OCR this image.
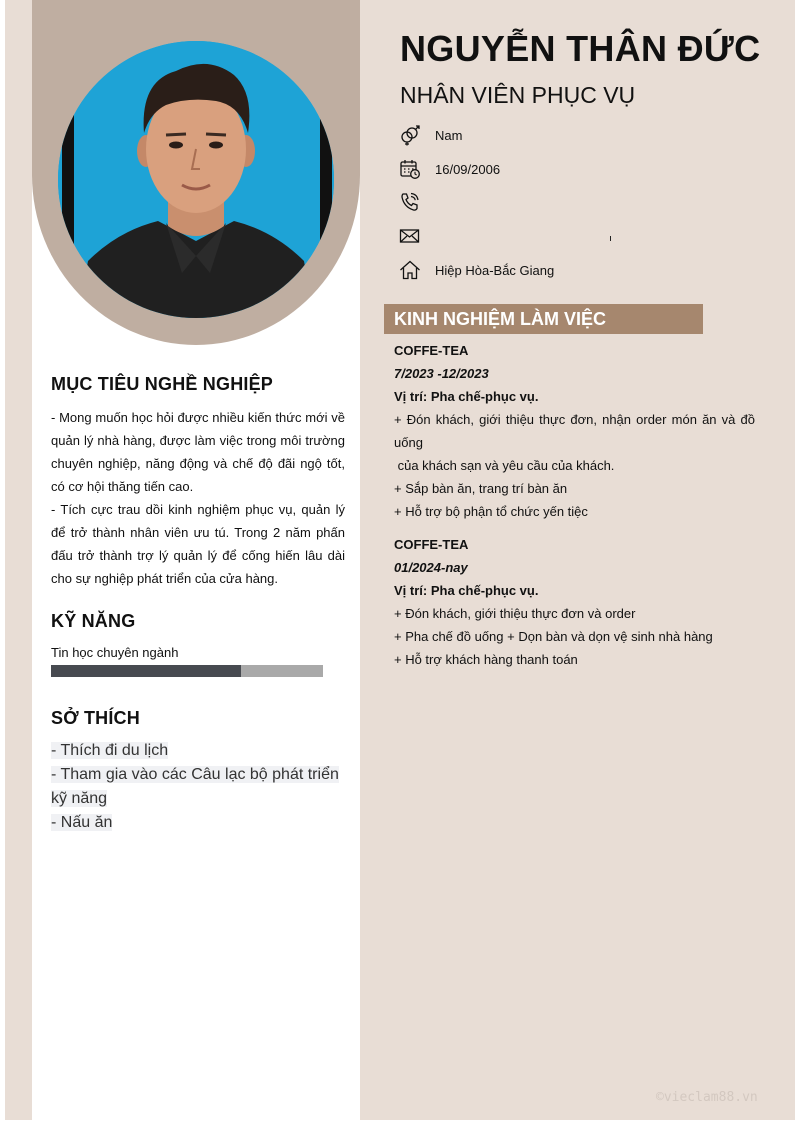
MỤC TIÊU NGHỀ NGHIỆP

- Mong muốn học hỏi được nhiều kiến thức mới về quản lý nhà hàng, được làm việc trong môi trường chuyên nghiệp, năng động và chế độ đãi ngộ tốt, có cơ hội thăng tiến cao.

- Tích cực trau dồi kinh nghiệm phục vụ, quản lý để trở thành nhân viên ưu tú. Trong 2 năm phấn đấu trở thành trợ lý quản lý để cống hiến lâu dài cho sự nghiệp phát triển của cửa hàng.

KỸ NĂNG
Tin học chuyên ngành
SỞ THÍCH
- Thích đi du lịch
- Tham gia vào các Câu lạc bộ phát triển kỹ năng
- Nấu ăn
NGUYỄN THÂN ĐỨC
NHÂN VIÊN PHỤC VỤ
Nam
16/09/2006
Hiệp Hòa-Bắc Giang
KINH NGHIỆM LÀM VIỆC

COFFE-TEA

7/2023 -12/2023

Vị trí: Pha chế-phục vụ.

+ Đón khách, giới thiệu thực đơn, nhận order món ăn và đồ uống

của khách sạn và yêu cầu của khách.

+ Sắp bàn ăn, trang trí bàn ăn

+ Hỗ trợ bộ phận tổ chức yến tiệc

COFFE-TEA

01/2024-nay

Vị trí: Pha chế-phục vụ.

+ Đón khách, giới thiệu thực đơn và order

+ Pha chế đồ uống + Dọn bàn và dọn vệ sinh nhà hàng

+ Hỗ trợ khách hàng thanh toán

©vieclam88.vn
